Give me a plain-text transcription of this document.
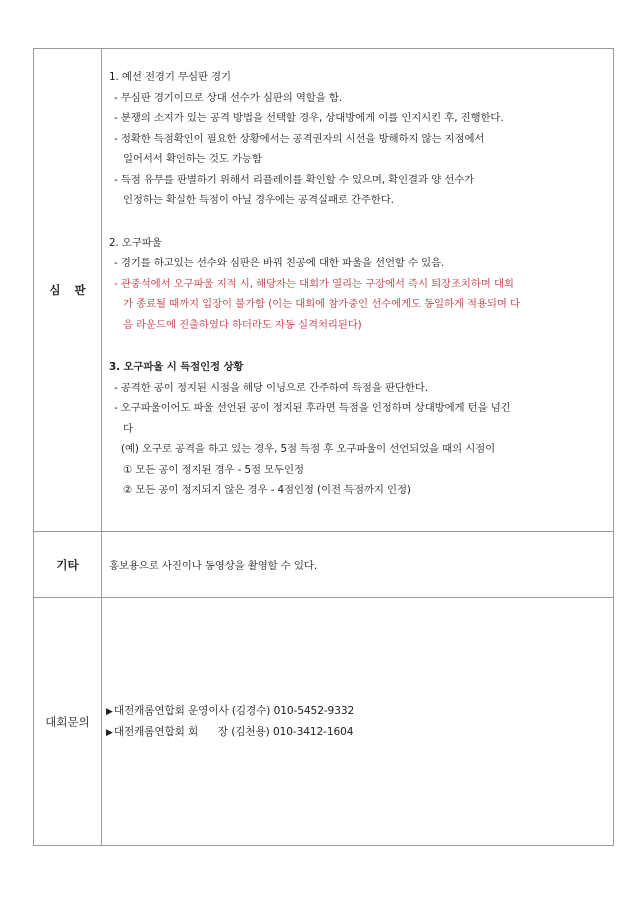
심판
1. 예선 전경기 무심판 경기
- 무심판 경기이므로 상대 선수가 심판의 역할을 함.
- 분쟁의 소지가 있는 공격 방법을 선택할 경우, 상대방에게 이를 인지시킨 후, 진행한다.
- 정확한 득점확인이 필요한 상황에서는 공격권자의 시선을 방해하지 않는 지점에서
일어서서 확인하는 것도 가능함
- 득점 유무를 판별하기 위해서 리플레이를 확인할 수 있으며, 확인결과 양 선수가
인정하는 확실한 득점이 아닐 경우에는 공격실패로 간주한다.
2. 오구파울
- 경기를 하고있는 선수와 심판은 바꿔 친공에 대한 파울을 선언할 수 있음.
- 관중석에서 오구파울 지적 시, 해당자는 대회가 열리는 구장에서 즉시 퇴장조치하며 대회
가 종료될 때까지 입장이 불가함 (이는 대회에 참가중인 선수에게도 동일하게 적용되며 다
음 라운드에 진출하였다 하더라도 자동 실격처리된다)
3. 오구파울 시 득점인정 상황
- 공격한 공이 정지된 시점을 해당 이닝으로 간주하여 득점을 판단한다.
- 오구파울이어도 파울 선언된 공이 정지된 후라면 득점을 인정하며 상대방에게 턴을 넘긴
다
(예) 오구로 공격을 하고 있는 경우, 5점 득점 후 오구파울이 선언되었을 때의 시점이
① 모든 공이 정지된 경우 - 5점 모두인정
② 모든 공이 정지되지 않은 경우 - 4점인정 (이전 득점까지 인정)
기타	홍보용으로 사진이나 동영상을 촬영할 수 있다.
대회문의
▶대전캐롬연합회 운영이사 (김경수) 010-5452-9332
▶대전캐롬연합회 회      장 (김천용) 010-3412-1604
